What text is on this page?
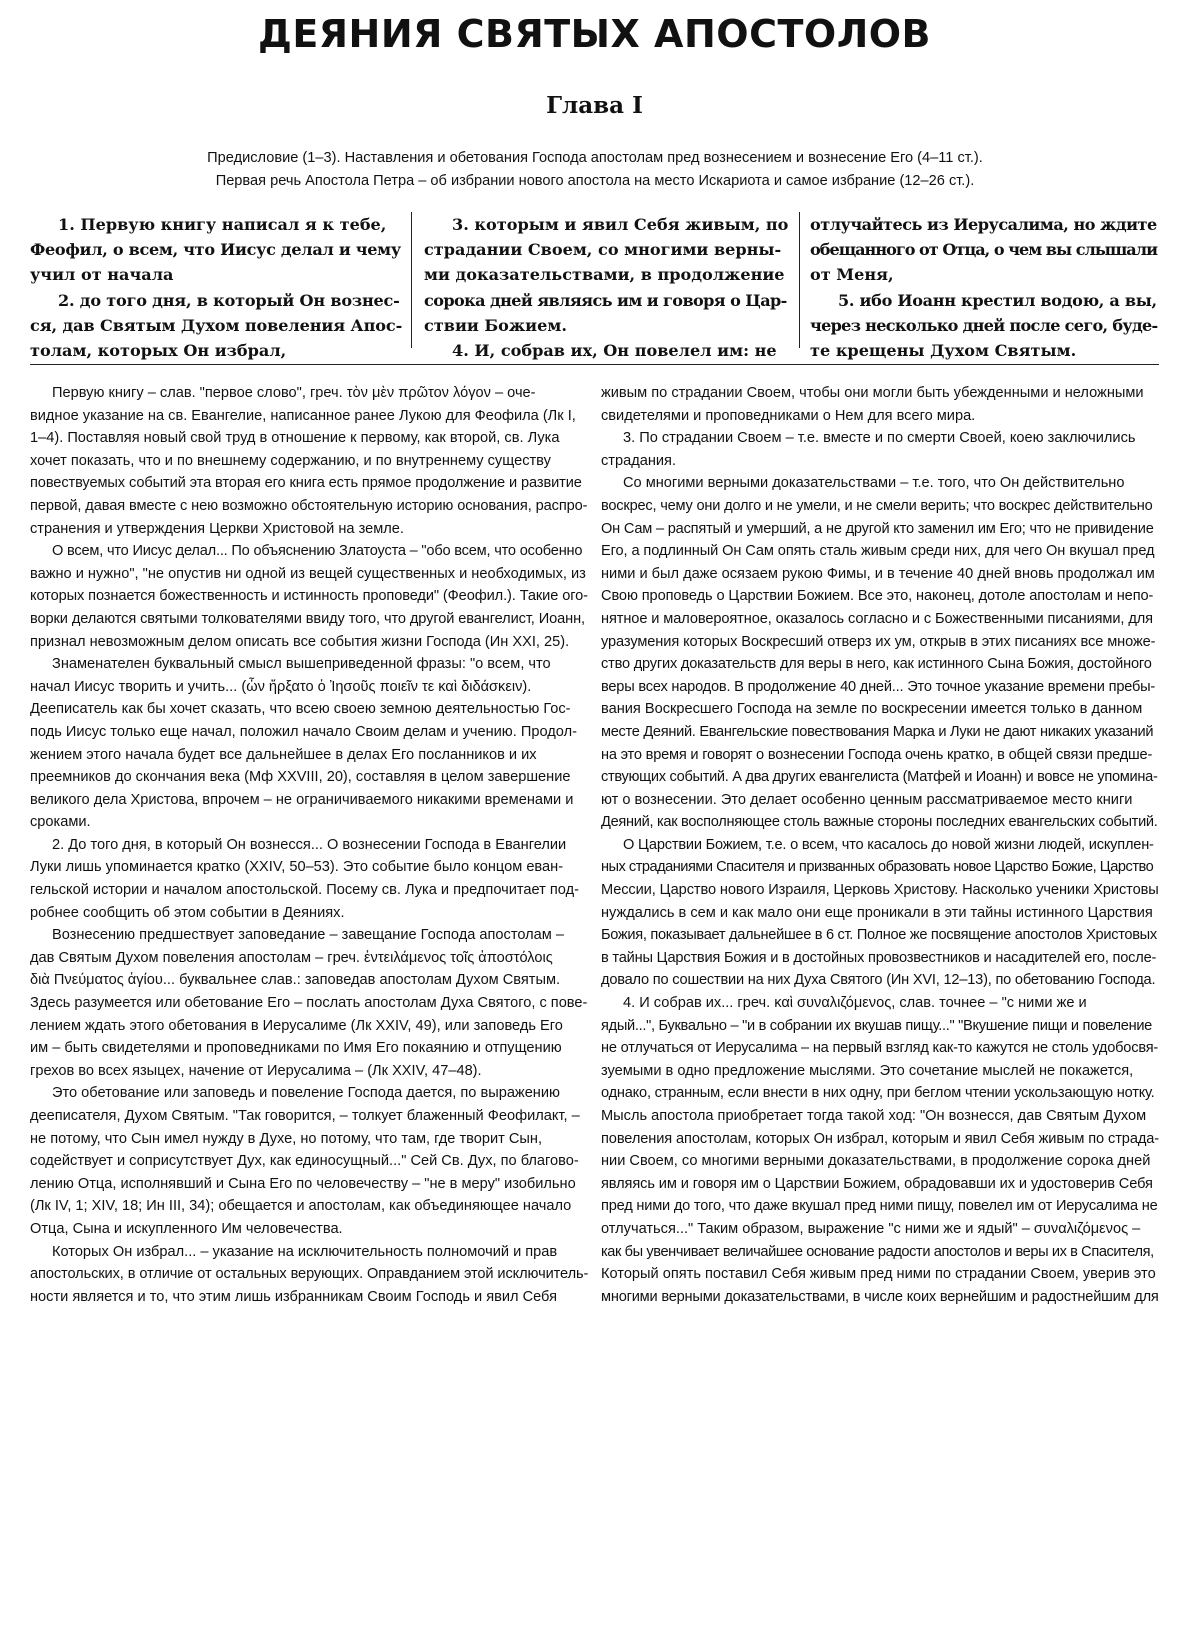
ДЕЯНИЯ СВЯТЫХ АПОСТОЛОВ
Глава I
Предисловие (1–3). Наставления и обетования Господа апостолам пред вознесением и вознесение Его (4–11 ст.).
Первая речь Апостола Петра – об избрании нового апостола на место Искариота и самое избрание (12–26 ст.).
1. Первую книгу написал я к тебе,
Феофил, о всем, что Иисус делал и чему
учил от начала
2. до того дня, в который Он вознес-
ся, дав Святым Духом повеления Апос-
толам, которых Он избрал,
3. которым и явил Себя живым, по
страдании Своем, со многими верны-
ми доказательствами, в продолжение
сорока дней являясь им и говоря о Цар-
ствии Божием.
4. И, собрав их, Он повелел им: не
отлучайтесь из Иерусалима, но ждите
обещанного от Отца, о чем вы слышали
от Меня,
5. ибо Иоанн крестил водою, а вы,
через несколько дней после сего, буде-
те крещены Духом Святым.
Первую книгу – слав. "первое слово", греч. τὸν μὲν πρῶτον λόγον – оче-
видное указание на св. Евангелие, написанное ранее Лукою для Феофила (Лк I,
1–4). Поставляя новый свой труд в отношение к первому, как второй, св. Лука
хочет показать, что и по внешнему содержанию, и по внутреннему существу
повествуемых событий эта вторая его книга есть прямое продолжение и развитие
первой, давая вместе с нею возможно обстоятельную историю основания, распро-
странения и утверждения Церкви Христовой на земле.
О всем, что Иисус делал... По объяснению Златоуста – "обо всем, что особенно
важно и нужно", "не опустив ни одной из вещей существенных и необходимых, из
которых познается божественность и истинность проповеди" (Феофил.). Такие ого-
ворки делаются святыми толкователями ввиду того, что другой евангелист, Иоанн,
признал невозможным делом описать все события жизни Господа (Ин XXI, 25).
Знаменателен буквальный смысл вышеприведенной фразы: "о всем, что
начал Иисус творить и учить... (ὧν ἤρξατο ὁ Ἰησοῦς ποιεῖν τε καὶ διδάσκειν).
Дееписатель как бы хочет сказать, что всею своею земною деятельностью Гос-
подь Иисус только еще начал, положил начало Своим делам и учению. Продол-
жением этого начала будет все дальнейшее в делах Его посланников и их
преемников до скончания века (Мф XXVIII, 20), составляя в целом завершение
великого дела Христова, впрочем – не ограничиваемого никакими временами и
сроками.
2. До того дня, в который Он вознесся... О вознесении Господа в Евангелии
Луки лишь упоминается кратко (XXIV, 50–53). Это событие было концом еван-
гельской истории и началом апостольской. Посему св. Лука и предпочитает под-
робнее сообщить об этом событии в Деяниях.
Вознесению предшествует заповедание – завещание Господа апостолам –
дав Святым Духом повеления апостолам – греч. ἐντειλάμενος τοῖς ἀποστόλοις
διὰ Πνεύματος ἁγίου... буквальнее слав.: заповедав апостолам Духом Святым.
Здесь разумеется или обетование Его – послать апостолам Духа Святого, с пове-
лением ждать этого обетования в Иерусалиме (Лк XXIV, 49), или заповедь Его
им – быть свидетелями и проповедниками по Имя Его покаянию и отпущению
грехов во всех языцех, начение от Иерусалима – (Лк XXIV, 47–48).
Это обетование или заповедь и повеление Господа дается, по выражению
дееписателя, Духом Святым. "Так говорится, – толкует блаженный Феофилакт, –
не потому, что Сын имел нужду в Духе, но потому, что там, где творит Сын,
содействует и соприсутствует Дух, как единосущный..." Сей Св. Дух, по благово-
лению Отца, исполнявший и Сына Его по человечеству – "не в меру" изобильно
(Лк IV, 1; XIV, 18; Ин III, 34); обещается и апостолам, как объединяющее начало
Отца, Сына и искупленного Им человечества.
Которых Он избрал... – указание на исключительность полномочий и прав
апостольских, в отличие от остальных верующих. Оправданием этой исключитель-
ности является и то, что этим лишь избранникам Своим Господь и явил Себя
живым по страдании Своем, чтобы они могли быть убежденными и неложными
свидетелями и проповедниками о Нем для всего мира.
3. По страдании Своем – т.е. вместе и по смерти Своей, коею заключились
страдания.
Со многими верными доказательствами – т.е. того, что Он действительно
воскрес, чему они долго и не умели, и не смели верить; что воскрес действительно
Он Сам – распятый и умерший, а не другой кто заменил им Его; что не привидение
Его, а подлинный Он Сам опять сталь живым среди них, для чего Он вкушал пред
ними и был даже осязаем рукою Фимы, и в течение 40 дней вновь продолжал им
Свою проповедь о Царствии Божием. Все это, наконец, дотоле апостолам и непо-
нятное и маловероятное, оказалось согласно и с Божественными писаниями, для
уразумения которых Воскресший отверз их ум, открыв в этих писаниях все множе-
ство других доказательств для веры в него, как истинного Сына Божия, достойного
веры всех народов. В продолжение 40 дней... Это точное указание времени пребы-
вания Воскресшего Господа на земле по воскресении имеется только в данном
месте Деяний. Евангельские повествования Марка и Луки не дают никаких указаний
на это время и говорят о вознесении Господа очень кратко, в общей связи предше-
ствующих событий. А два других евангелиста (Матфей и Иоанн) и вовсе не упомина-
ют о вознесении. Это делает особенно ценным рассматриваемое место книги
Деяний, как восполняющее столь важные стороны последних евангельских событий.
О Царствии Божием, т.е. о всем, что касалось до новой жизни людей, искуплен-
ных страданиями Спасителя и призванных образовать новое Царство Божие, Царство
Мессии, Царство нового Израиля, Церковь Христову. Насколько ученики Христовы
нуждались в сем и как мало они еще проникали в эти тайны истинного Царствия
Божия, показывает дальнейшее в 6 ст. Полное же посвящение апостолов Христовых
в тайны Царствия Божия и в достойных провозвестников и насадителей его, после-
довало по сошествии на них Духа Святого (Ин XVI, 12–13), по обетованию Господа.
4. И собрав их... греч. καὶ συναλιζόμενος, слав. точнее – "с ними же и
ядый...", Буквально – "и в собрании их вкушав пищу..." "Вкушение пищи и повеление
не отлучаться от Иерусалима – на первый взгляд как-то кажутся не столь удобосвя-
зуемыми в одно предложение мыслями. Это сочетание мыслей не покажется,
однако, странным, если внести в них одну, при беглом чтении ускользающую нотку.
Мысль апостола приобретает тогда такой ход: "Он вознесся, дав Святым Духом
повеления апостолам, которых Он избрал, которым и явил Себя живым по страда-
нии Своем, со многими верными доказательствами, в продолжение сорока дней
являясь им и говоря им о Царствии Божием, обрадовавши их и удостоверив Себя
пред ними до того, что даже вкушал пред ними пищу, повелел им от Иерусалима не
отлучаться..." Таким образом, выражение "с ними же и ядый" – συναλιζόμενος –
как бы увенчивает величайшее основание радости апостолов и веры их в Спасителя,
Который опять поставил Себя живым пред ними по страдании Своем, уверив это
многими верными доказательствами, в числе коих вернейшим и радостнейшим для
